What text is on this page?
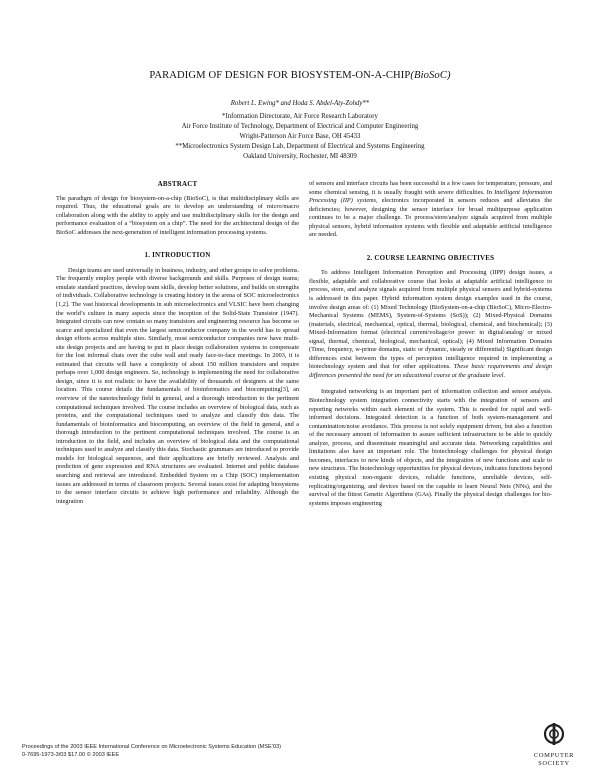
PARADIGM OF DESIGN FOR BIOSYSTEM-ON-A-CHIP(BioSoC)
Robert L. Ewing* and Hoda S. Abdel-Aty-Zohdy**
*Information Directorate, Air Force Research Laboratory
Air Force Institute of Technology, Department of Electrical and Computer Engineering
Wright-Patterson Air Force Base, OH 45433
**Microelectronics System Design Lab, Department of Electrical and Systems Engineering
Oakland University, Rochester, MI 48309

ABSTRACT

The paradigm of design for biosystem-on-a-chip (BioSoC), is that multidisciplinary skills are required. Thus, the educational goals are to develop an understanding of micro/macro collaboration along with the ability to apply and use multidisciplinary skills for the design and performance evaluation of a “biosystem on a chip”. The need for the architectural design of the BioSoC addresses the next-generation of intelligent information processing systems.

1. INTRODUCTION

Design teams are used universally in business, industry, and other groups to solve problems. The frequently employ people with diverse backgrounds and skills. Purposes of design teams; emulate standard practices, develop team skills, develop better solutions, and builds on strengths of individuals. Collaborative technology is creating history in the arena of SOC microelectronics [1,2]. The vast historical developments in sub microelectronics and VLSIC have been changing the world’s culture in many aspects since the inception of the Solid-State Transistor (1947). Integrated circuits can now contain so many transistors and engineering resource has become so scarce and specialized that even the largest semiconductor company in the world has to spread design efforts across multiple sites. Similarly, most semiconductor companies now have multi-site design projects and are having to put in place design collaboration systems to compensate for the lost informal chats over the cube wall and ready face-to-face meetings. In 2003, it is estimated that circuits will have a complexity of about 150 million transistors and require perhaps over 1,000 design engineers. So, technology is implementing the need for collaborative design, since it is not realistic to have the availability of thousands of designers at the same location. This course details the fundamentals of bioinformatics and biocomputing[3], an overview of the nanotechnology field in general, and a thorough introduction to the pertinent computational techniques involved. The course includes an overview of biological data, such as proteins, and the computational techniques used to analyze and classify this data. The fundamentals of bioinformatics and biocomputing, an overview of the field in general, and a thorough introduction to the pertinent computational techniques involved. The course is an introduction to the field, and includes an overview of biological data and the computational techniques used to analyze and classify this data. Stochastic grammars are introduced to provide models for biological sequences, and their applications are briefly reviewed. Analysis and prediction of gene expression and RNA structures are evaluated. Internet and public database searching and retrieval are introduced. Embedded System on a Chip (SOC) implementation issues are addressed in terms of classroom projects. Several issues exist for adapting biosystems to the sensor interface circuits to achieve high performance and reliability. Although the integration

of sensors and interface circuits has been successful in a few cases for temperature, pressure, and some chemical sensing, it is usually fraught with severe difficulties. In Intelligent Information Processing (IIP) systems, electronics incorporated in sensors reduces and alleviates the deficiencies; however, designing the sensor interface for broad multipurpose application continues to be a major challenge. To process/store/analyze signals acquired from multiple physical sensors, hybrid information systems with flexible and adaptable artificial intelligence are needed.

2. COURSE LEARNING OBJECTIVES

To address Intelligent Information Perception and Processing (IIPP) design issues, a flexible, adaptable and collaborative course that looks at adaptable artificial intelligence to process, store, and analyze signals acquired from multiple physical sensors and hybrid-systems is addressed in this paper. Hybrid information system design examples used in the course, involve design areas of: (1) Mixed Technology (BioSystem-on-a-chip (BioSoC), Micro-Electro-Mechanical Systems (MEMS), System-of-Systems (SoS)); (2) Mixed-Physical Domains (materials, electrical, mechanical, optical, thermal, biological, chemical, and biochemical); (3) Mixed-Information format (electrical current/voltage/or power: in digital/analog/ or mixed signal, thermal, chemical, biological, mechanical, optical); (4) Mixed Information Domains (Time, frequency, w-prime domains, static or dynamic, steady or differential) Significant design differences exist between the types of perception intelligence required in implementing a biotechnology system and that for other applications. These basic requirements and design differences presented the need for an educational course at the graduate level.

Integrated networking is an important part of information collection and sensor analysis. Biotechnology system integration connectivity starts with the integration of sensors and reporting networks within each element of the system. This is needed for rapid and well-informed decisions. Integrated detection is a function of both system-management and contamination/noise avoidance. This process is not solely equipment driven, but also a function of the necessary amount of information to assure sufficient infrastructure to be able to quickly analyze, process, and disseminate meaningful and accurate data. Networking capabilities and limitations also have an important role. The biotechnology challenges for physical design becomes, interfaces to new kinds of objects, and the integration of new functions and scale to new structures. The biotechnology opportunities for physical devices, indicates functions beyond existing physical non-organic devices, reliable functions, unreliable devices, self-replicating/organizing, and devices based on the capable to learn Neural Nets (NNs), and the survival of the fittest Genetic Algorithms (GAs). Finally the physical design challenges for bio-systems imposes engineering

Proceedings of the 2003 IEEE International Conference on Microelectronic Systems Education (MSE’03)
0-7695-1973-3/03 $17.00 © 2003 IEEE	COMPUTER
SOCIETY
